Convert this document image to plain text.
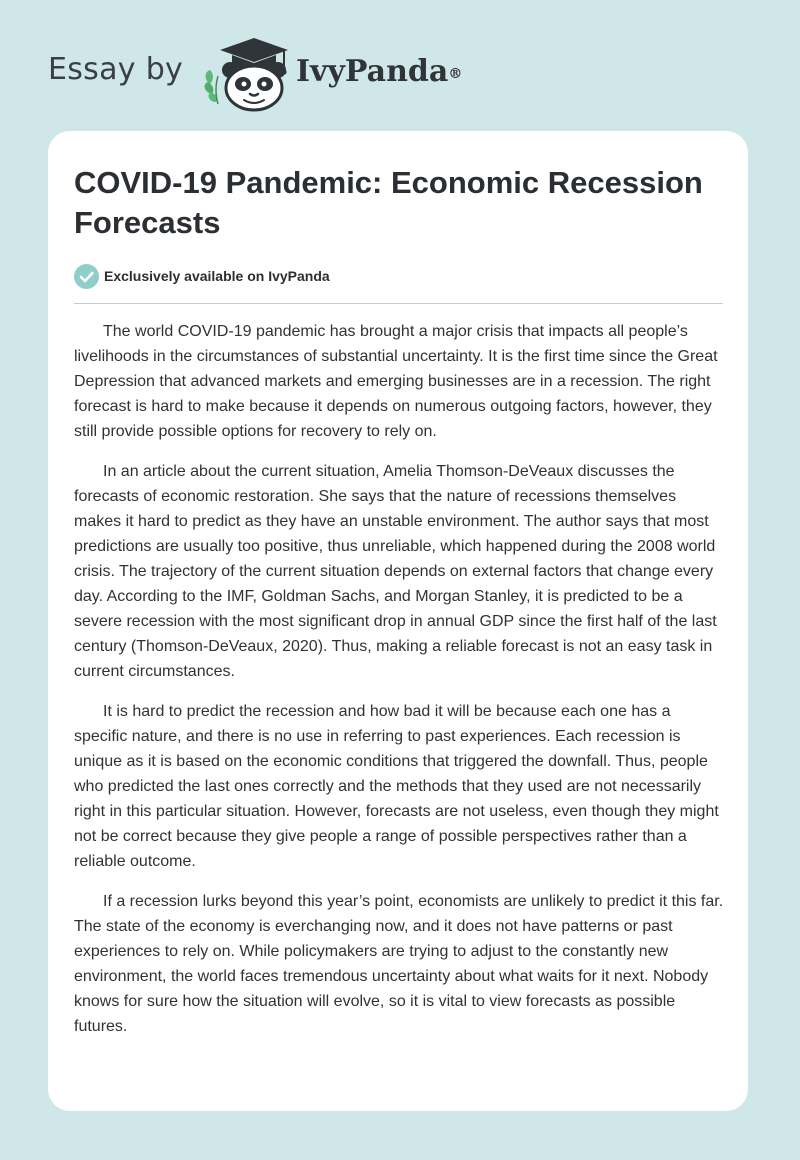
Essay by	IvyPanda®
COVID-19 Pandemic: Economic Recession Forecasts
Exclusively available on IvyPanda

The world COVID-19 pandemic has brought a major crisis that impacts all people’s livelihoods in the circumstances of substantial uncertainty. It is the first time since the Great Depression that advanced markets and emerging businesses are in a recession. The right forecast is hard to make because it depends on numerous outgoing factors, however, they still provide possible options for recovery to rely on.

In an article about the current situation, Amelia Thomson-DeVeaux discusses the forecasts of economic restoration. She says that the nature of recessions themselves makes it hard to predict as they have an unstable environment. The author says that most predictions are usually too positive, thus unreliable, which happened during the 2008 world crisis. The trajectory of the current situation depends on external factors that change every day. According to the IMF, Goldman Sachs, and Morgan Stanley, it is predicted to be a severe recession with the most significant drop in annual GDP since the first half of the last century (Thomson-DeVeaux, 2020). Thus, making a reliable forecast is not an easy task in current circumstances.

It is hard to predict the recession and how bad it will be because each one has a specific nature, and there is no use in referring to past experiences. Each recession is unique as it is based on the economic conditions that triggered the downfall. Thus, people who predicted the last ones correctly and the methods that they used are not necessarily right in this particular situation. However, forecasts are not useless, even though they might not be correct because they give people a range of possible perspectives rather than a reliable outcome.

If a recession lurks beyond this year’s point, economists are unlikely to predict it this far. The state of the economy is everchanging now, and it does not have patterns or past experiences to rely on. While policymakers are trying to adjust to the constantly new environment, the world faces tremendous uncertainty about what waits for it next. Nobody knows for sure how the situation will evolve, so it is vital to view forecasts as possible futures.
